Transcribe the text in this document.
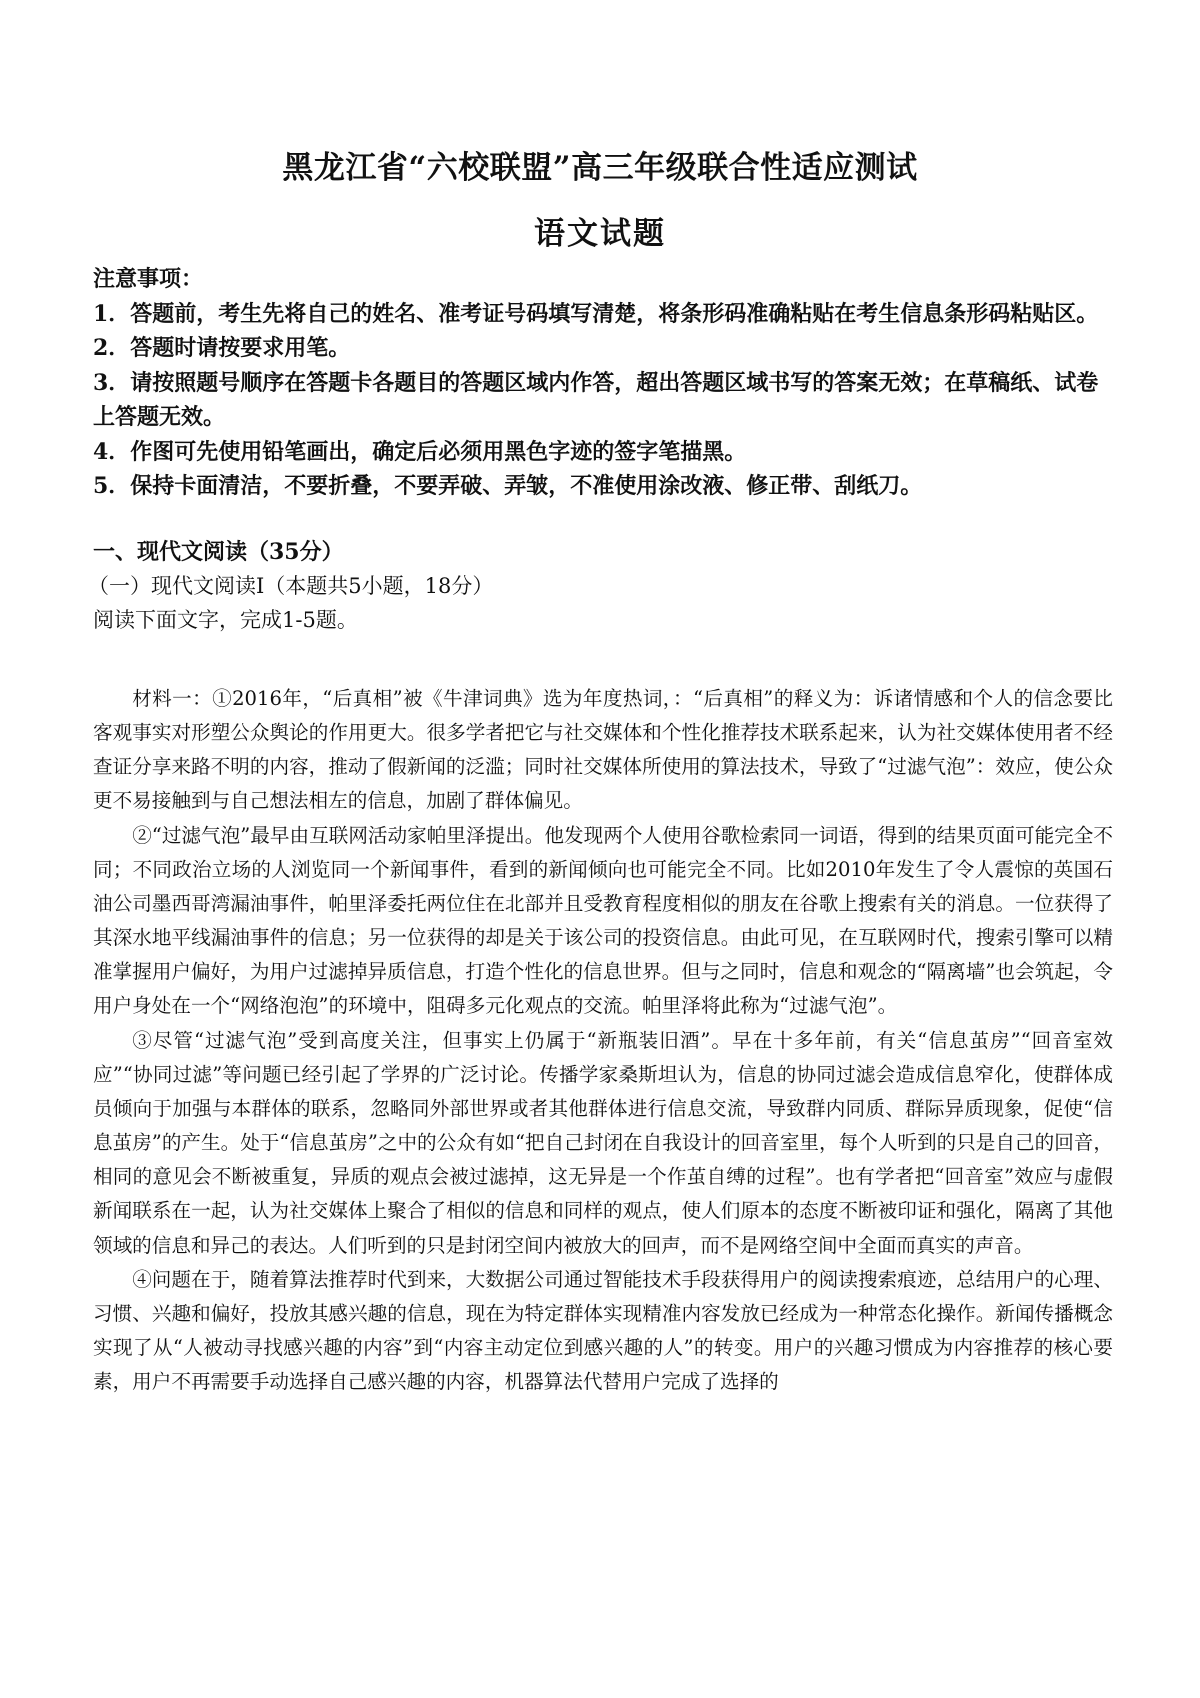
黑龙江省“六校联盟”高三年级联合性适应测试
语文试题

注意事项：

1．答题前，考生先将自己的姓名、准考证号码填写清楚，将条形码准确粘贴在考生信息条形码粘贴区。

2．答题时请按要求用笔。

3．请按照题号顺序在答题卡各题目的答题区域内作答，超出答题区域书写的答案无效；在草稿纸、试卷上答题无效。

4．作图可先使用铅笔画出，确定后必须用黑色字迹的签字笔描黑。

5．保持卡面清洁，不要折叠，不要弄破、弄皱，不准使用涂改液、修正带、刮纸刀。

一、现代文阅读（35分）
（一）现代文阅读Ⅰ（本题共5小题，18分）
阅读下面文字，完成1-5题。

材料一：①2016年，“后真相”被《牛津词典》选为年度热词，：“后真相”的释义为：诉诸情感和个人的信念要比客观事实对形塑公众舆论的作用更大。很多学者把它与社交媒体和个性化推荐技术联系起来，认为社交媒体使用者不经查证分享来路不明的内容，推动了假新闻的泛滥；同时社交媒体所使用的算法技术，导致了“过滤气泡”：效应，使公众更不易接触到与自己想法相左的信息，加剧了群体偏见。

②“过滤气泡”最早由互联网活动家帕里泽提出。他发现两个人使用谷歌检索同一词语，得到的结果页面可能完全不同；不同政治立场的人浏览同一个新闻事件，看到的新闻倾向也可能完全不同。比如2010年发生了令人震惊的英国石油公司墨西哥湾漏油事件，帕里泽委托两位住在北部并且受教育程度相似的朋友在谷歌上搜索有关的消息。一位获得了其深水地平线漏油事件的信息；另一位获得的却是关于该公司的投资信息。由此可见，在互联网时代，搜索引擎可以精准掌握用户偏好，为用户过滤掉异质信息，打造个性化的信息世界。但与之同时，信息和观念的“隔离墙”也会筑起，令用户身处在一个“网络泡泡”的环境中，阻碍多元化观点的交流。帕里泽将此称为“过滤气泡”。

③尽管“过滤气泡”受到高度关注，但事实上仍属于“新瓶装旧酒”。早在十多年前，有关“信息茧房”“回音室效应”“协同过滤”等问题已经引起了学界的广泛讨论。传播学家桑斯坦认为，信息的协同过滤会造成信息窄化，使群体成员倾向于加强与本群体的联系，忽略同外部世界或者其他群体进行信息交流，导致群内同质、群际异质现象，促使“信息茧房”的产生。处于“信息茧房”之中的公众有如“把自己封闭在自我设计的回音室里，每个人听到的只是自己的回音，相同的意见会不断被重复，异质的观点会被过滤掉，这无异是一个作茧自缚的过程”。也有学者把“回音室”效应与虚假新闻联系在一起，认为社交媒体上聚合了相似的信息和同样的观点，使人们原本的态度不断被印证和强化，隔离了其他领域的信息和异己的表达。人们听到的只是封闭空间内被放大的回声，而不是网络空间中全面而真实的声音。

④问题在于，随着算法推荐时代到来，大数据公司通过智能技术手段获得用户的阅读搜索痕迹，总结用户的心理、习惯、兴趣和偏好，投放其感兴趣的信息，现在为特定群体实现精准内容发放已经成为一种常态化操作。新闻传播概念实现了从“人被动寻找感兴趣的内容”到“内容主动定位到感兴趣的人”的转变。用户的兴趣习惯成为内容推荐的核心要素，用户不再需要手动选择自己感兴趣的内容，机器算法代替用户完成了选择的
